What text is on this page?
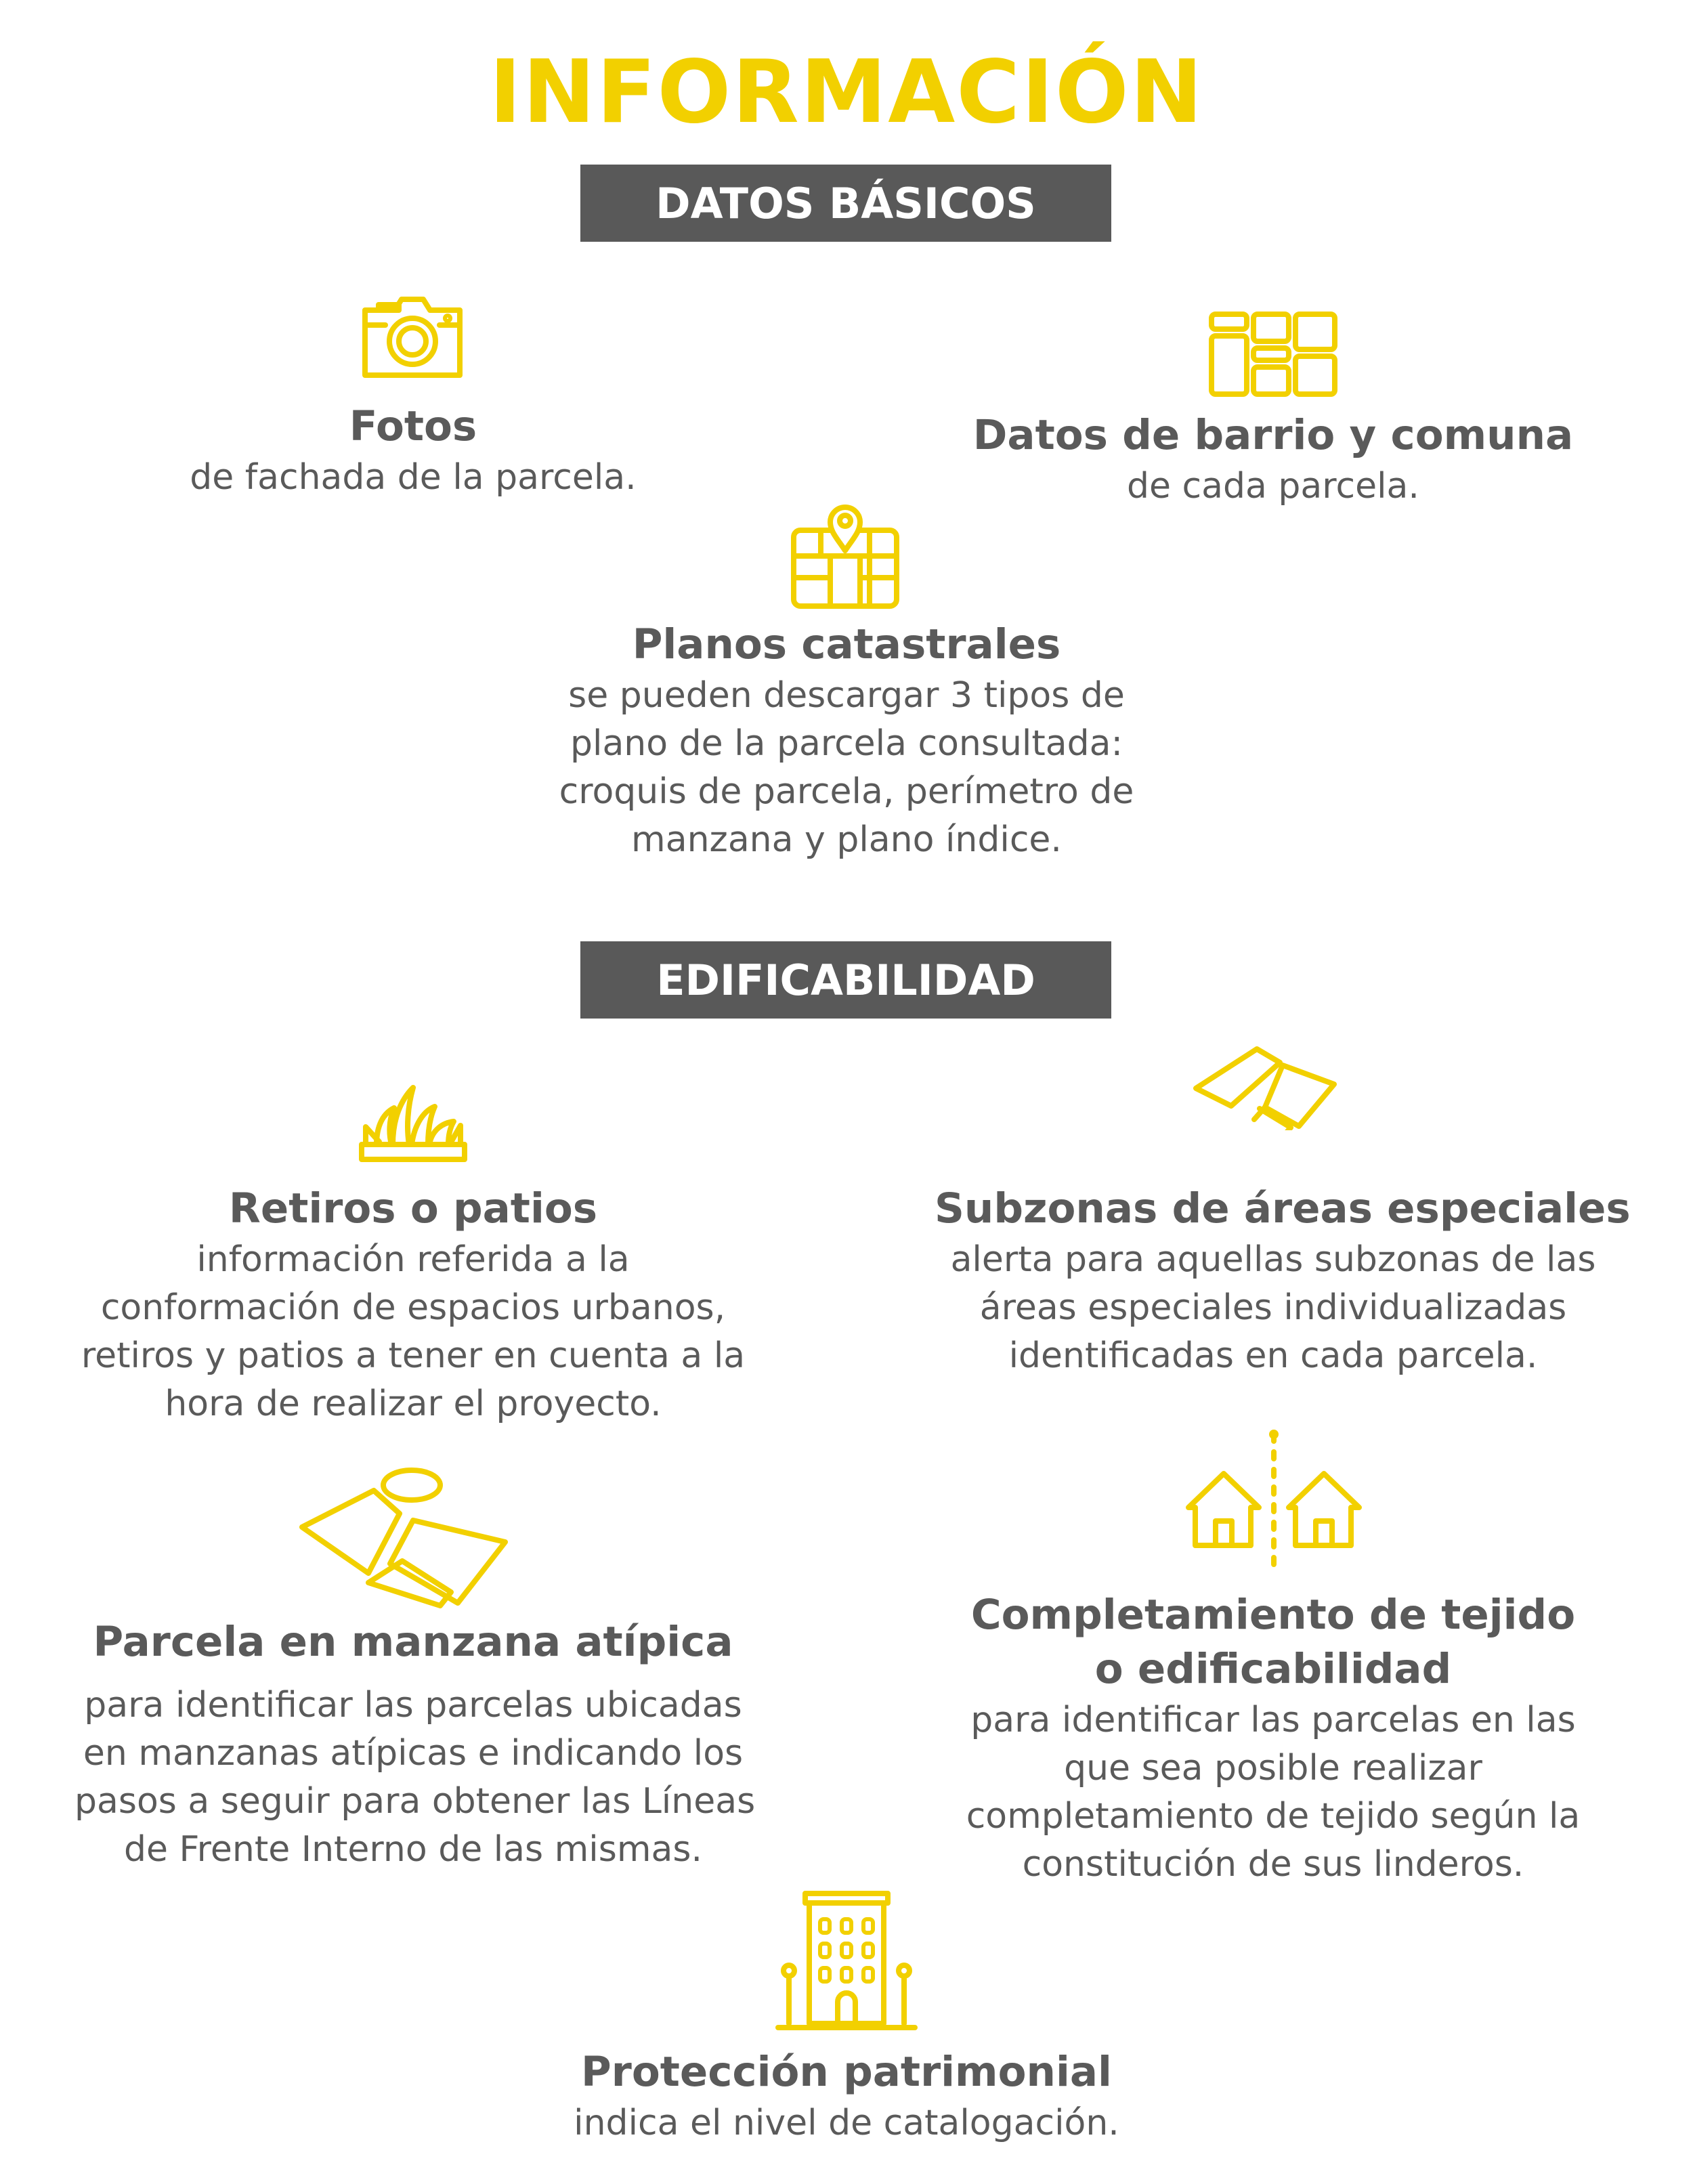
INFORMACIÓN
DATOS BÁSICOS
Fotos
de fachada de la parcela.
Datos de barrio y comuna
de cada parcela.
Planos catastrales
se pueden descargar 3 tipos de
plano de la parcela consultada:
croquis de parcela, perímetro de
manzana y plano índice.
EDIFICABILIDAD
Retiros o patios
información referida a la
conformación de espacios urbanos,
retiros y patios a tener en cuenta a la
hora de realizar el proyecto.
Subzonas de áreas especiales
alerta para aquellas subzonas de las
áreas especiales individualizadas
identificadas en cada parcela.
Parcela en manzana atípica
para identificar las parcelas ubicadas
en manzanas atípicas e indicando los
pasos a seguir para obtener las Líneas
de Frente Interno de las mismas.
Completamiento de tejido
o edificabilidad
para identificar las parcelas en las
que sea posible realizar
completamiento de tejido según la
constitución de sus linderos.
Protección patrimonial
indica el nivel de catalogación.
